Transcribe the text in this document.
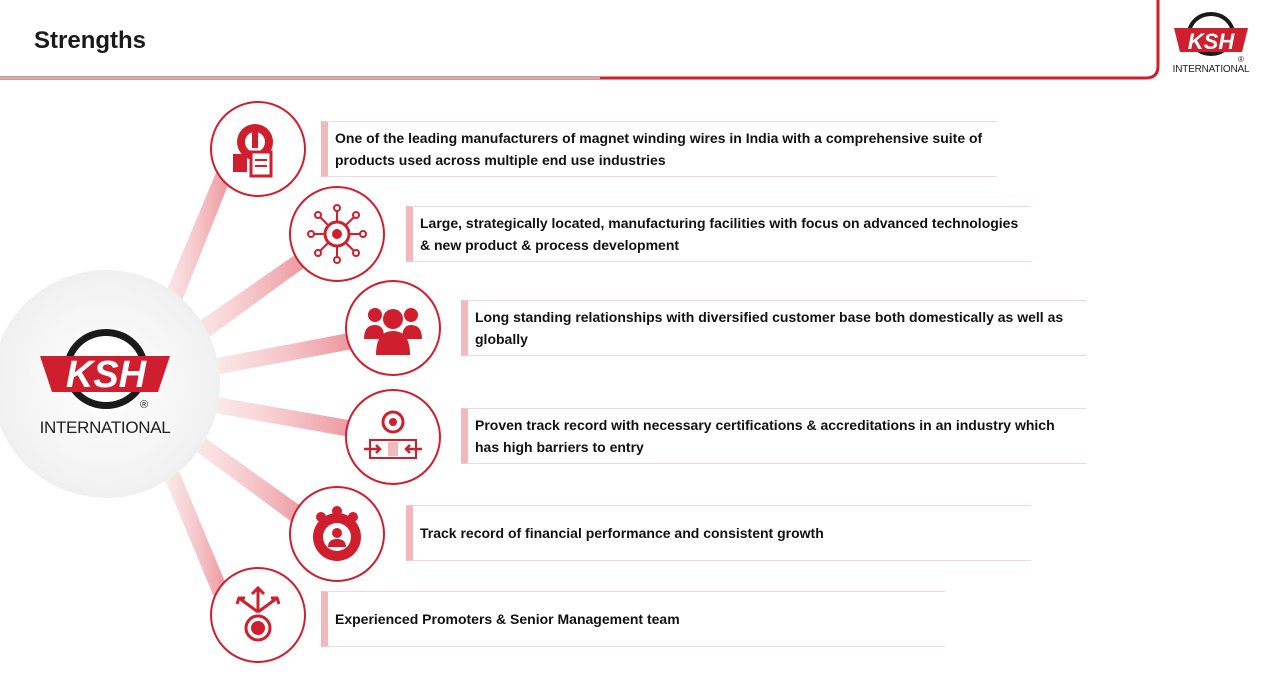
Strengths	KSH
®
INTERNATIONAL
KSH
®
INTERNATIONAL
One of the leading manufacturers of magnet winding wires in India with a comprehensive suite of products used across multiple end use industries
Large, strategically located, manufacturing facilities with focus on advanced technologies & new product & process development
Long standing relationships with diversified customer base both domestically as well as globally
Proven track record with necessary certifications & accreditations in an industry which has high barriers to entry
Track record of financial performance and consistent growth
Experienced Promoters & Senior Management team
